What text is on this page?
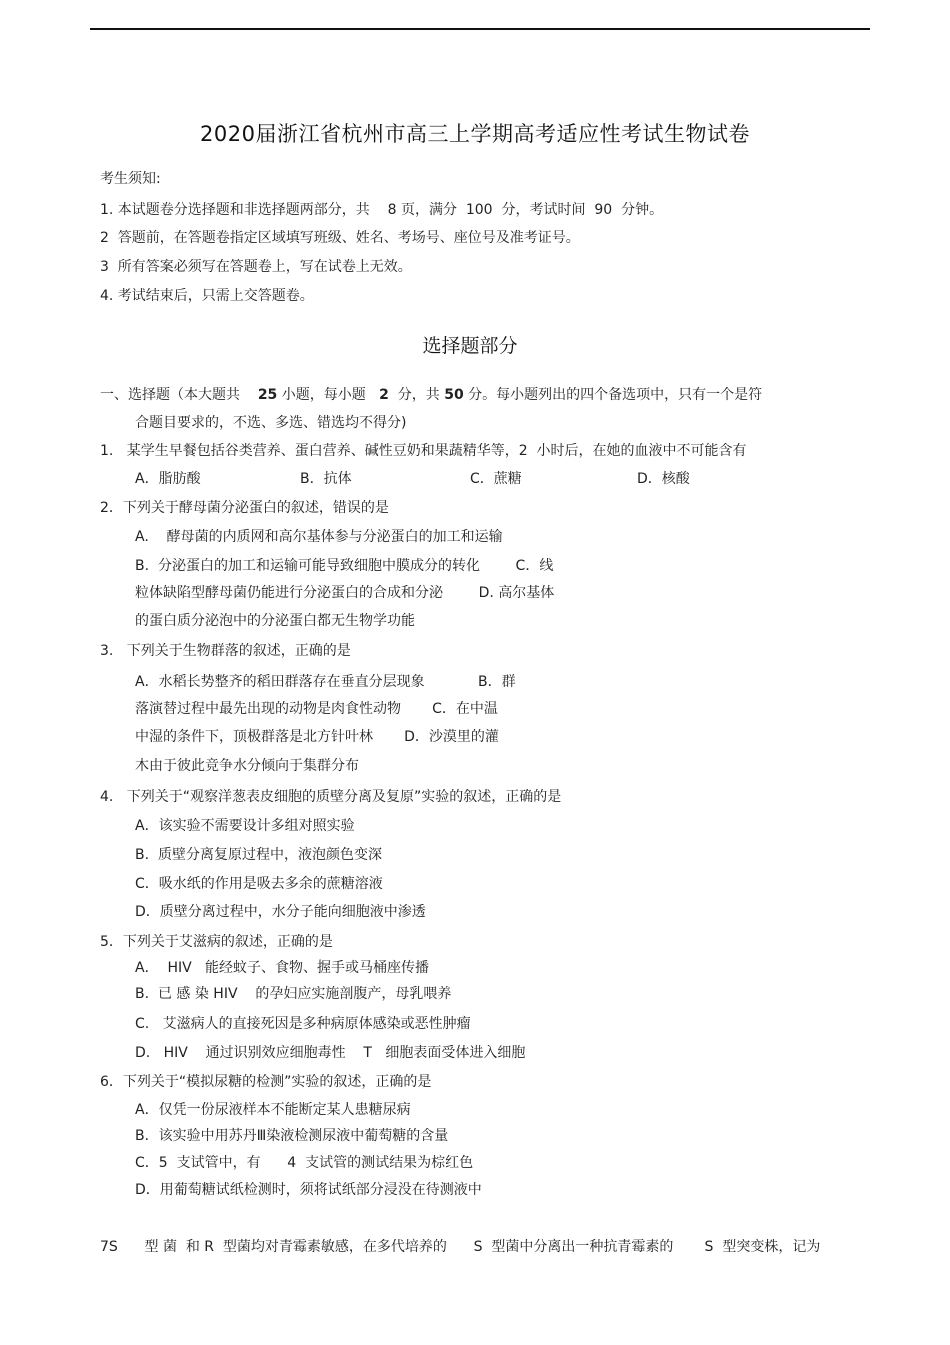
2020届浙江省杭州市高三上学期高考适应性考试生物试卷
考生须知:
1. 本试题卷分选择题和非选择题两部分，共    8 页，满分  100  分，考试时间  90  分钟。
2  答题前，在答题卷指定区域填写班级、姓名、考场号、座位号及准考证号。
3  所有答案必须写在答题卷上，写在试卷上无效。
4. 考试结束后，只需上交答题卷。
选择题部分
一、选择题（本大题共    25 小题，每小题   2  分，共 50 分。每小题列出的四个备选项中，只有一个是符
合题目要求的，不选、多选、错选均不得分)
1.   某学生早餐包括谷类营养、蛋白营养、碱性豆奶和果蔬精华等，2  小时后，在她的血液中不可能含有
A．脂肪酸	B．抗体	C．蔗糖	D．核酸
2．下列关于酵母菌分泌蛋白的叙述，错误的是
A.    酵母菌的内质网和高尔基体参与分泌蛋白的加工和运输
B.  分泌蛋白的加工和运输可能导致细胞中膜成分的转化        C．线
粒体缺陷型酵母菌仍能进行分泌蛋白的合成和分泌        D. 高尔基体
的蛋白质分泌泡中的分泌蛋白都无生物学功能
3.   下列关于生物群落的叙述，正确的是
A．水稻长势整齐的稻田群落存在垂直分层现象            B．群
落演替过程中最先出现的动物是肉食性动物       C．在中温
中湿的条件下，顶极群落是北方针叶林       D．沙漠里的灌
木由于彼此竞争水分倾向于集群分布
4.   下列关于“观察洋葱表皮细胞的质壁分离及复原”实验的叙述，正确的是
A．该实验不需要设计多组对照实验
B.  质壁分离复原过程中，液泡颜色变深
C．吸水纸的作用是吸去多余的蔗糖溶液
D．质壁分离过程中，水分子能向细胞液中渗透
5．下列关于艾滋病的叙述，正确的是
A．  HIV   能经蚊子、食物、握手或马桶座传播
B.  已 感 染 HIV    的孕妇应实施剖腹产，母乳喂养
C.   艾滋病人的直接死因是多种病原体感染或恶性肿瘤
D.   HIV    通过识别效应细胞毒性    T   细胞表面受体进入细胞
6．下列关于“模拟尿糖的检测”实验的叙述，正确的是
A．仅凭一份尿液样本不能断定某人患糖尿病
B．该实验中用苏丹Ⅲ染液检测尿液中葡萄糖的含量
C．5  支试管中，有      4  支试管的测试结果为棕红色
D．用葡萄糖试纸检测时，须将试纸部分浸没在待测液中
7S      型 菌  和 R  型菌均对青霉素敏感，在多代培养的      S  型菌中分离出一种抗青霉素的       S  型突变株，记为
